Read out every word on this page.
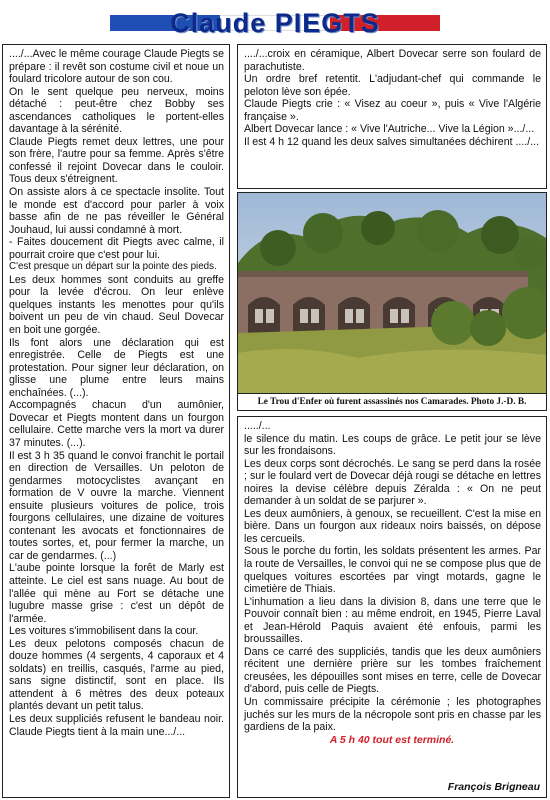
Claude PIEGTS

..../...Avec le même courage Claude Piegts se prépare : il revêt son costume civil et noue un foulard tricolore autour de son cou.

On le sent quelque peu nerveux, moins détaché : peut-être chez Bobby ses ascendances catholiques le portent-elles davantage à la sérénité.

Claude Piegts remet deux lettres, une pour son frère, l'autre pour sa femme. Après s'être confessé il rejoint Dovecar dans le couloir. Tous deux s'étreignent.

On assiste alors à ce spectacle insolite. Tout le monde est d'accord pour parler à voix basse afin de ne pas réveiller le Général Jouhaud, lui aussi condamné à mort.

- Faites doucement dit Piegts avec calme, il pourrait croire que c'est pour lui.

C'est presque un départ sur la pointe des pieds.

Les deux hommes sont conduits au greffe pour la levée d'écrou. On leur enlève quelques instants les menottes pour qu'ils boivent un peu de vin chaud. Seul Dovecar en boit une gorgée.

Ils font alors une déclaration qui est enregistrée. Celle de Piegts est une protestation. Pour signer leur déclaration, on glisse une plume entre leurs mains enchaînées. (...).

Accompagnés chacun d'un aumônier, Dovecar et Piegts montent dans un fourgon cellulaire. Cette marche vers la mort va durer 37 minutes. (...).

Il est 3 h 35 quand le convoi franchit le portail en direction de Versailles. Un peloton de gendarmes motocyclistes avançant en formation de V ouvre la marche. Viennent ensuite plusieurs voitures de police, trois fourgons cellulaires, une dizaine de voitures contenant les avocats et fonctionnaires de toutes sortes, et, pour fermer la marche, un car de gendarmes. (...)

L'aube pointe lorsque la forêt de Marly est atteinte. Le ciel est sans nuage. Au bout de l'allée qui mène au Fort se détache une lugubre masse grise : c'est un dépôt de l'armée.

Les voitures s'immobilisent dans la cour.

Les deux pelotons composés chacun de douze hommes (4 sergents, 4 caporaux et 4 soldats) en treillis, casqués, l'arme au pied, sans signe distinctif, sont en place. Ils attendent à 6 mètres des deux poteaux plantés devant un petit talus.

Les deux suppliciés refusent le bandeau noir. Claude Piegts tient à la main une.../...

..../...croix en céramique, Albert Dovecar serre son foulard de parachutiste.

Un ordre bref retentit. L'adjudant-chef qui commande le peloton lève son épée.

Claude Piegts crie : « Visez au coeur », puis « Vive l'Algérie française ».

Albert Dovecar lance : « Vive l'Autriche... Vive la Légion ».../...

Il est 4 h 12 quand les deux salves simultanées déchirent ..../...

Le Trou d'Enfer où furent assassinés nos Camarades. Photo J.-D. B.

...../...

le silence du matin. Les coups de grâce. Le petit jour se lève sur les frondaisons.

Les deux corps sont décrochés. Le sang se perd dans la rosée ; sur le foulard vert de Dovecar déjà rougi se détache en lettres noires la devise célèbre depuis Zéralda : « On ne peut demander à un soldat de se parjurer ».

Les deux aumôniers, à genoux, se recueillent. C'est la mise en bière. Dans un fourgon aux rideaux noirs baissés, on dépose les cercueils.

Sous le porche du fortin, les soldats présentent les armes. Par la route de Versailles, le convoi qui ne se compose plus que de quelques voitures escortées par vingt motards, gagne le cimetière de Thiais.

L'inhumation a lieu dans la division 8, dans une terre que le Pouvoir connaît bien : au même endroit, en 1945, Pierre Laval et Jean-Hérold Paquis avaient été enfouis, parmi les broussailles.

Dans ce carré des suppliciés, tandis que les deux aumôniers récitent une dernière prière sur les tombes fraîchement creusées, les dépouilles sont mises en terre, celle de Dovecar d'abord, puis celle de Piegts.

Un commissaire précipite la cérémonie ; les photographes juchés sur les murs de la nécropole sont pris en chasse par les gardiens de la paix.

A 5 h 40 tout est terminé.
François Brigneau
